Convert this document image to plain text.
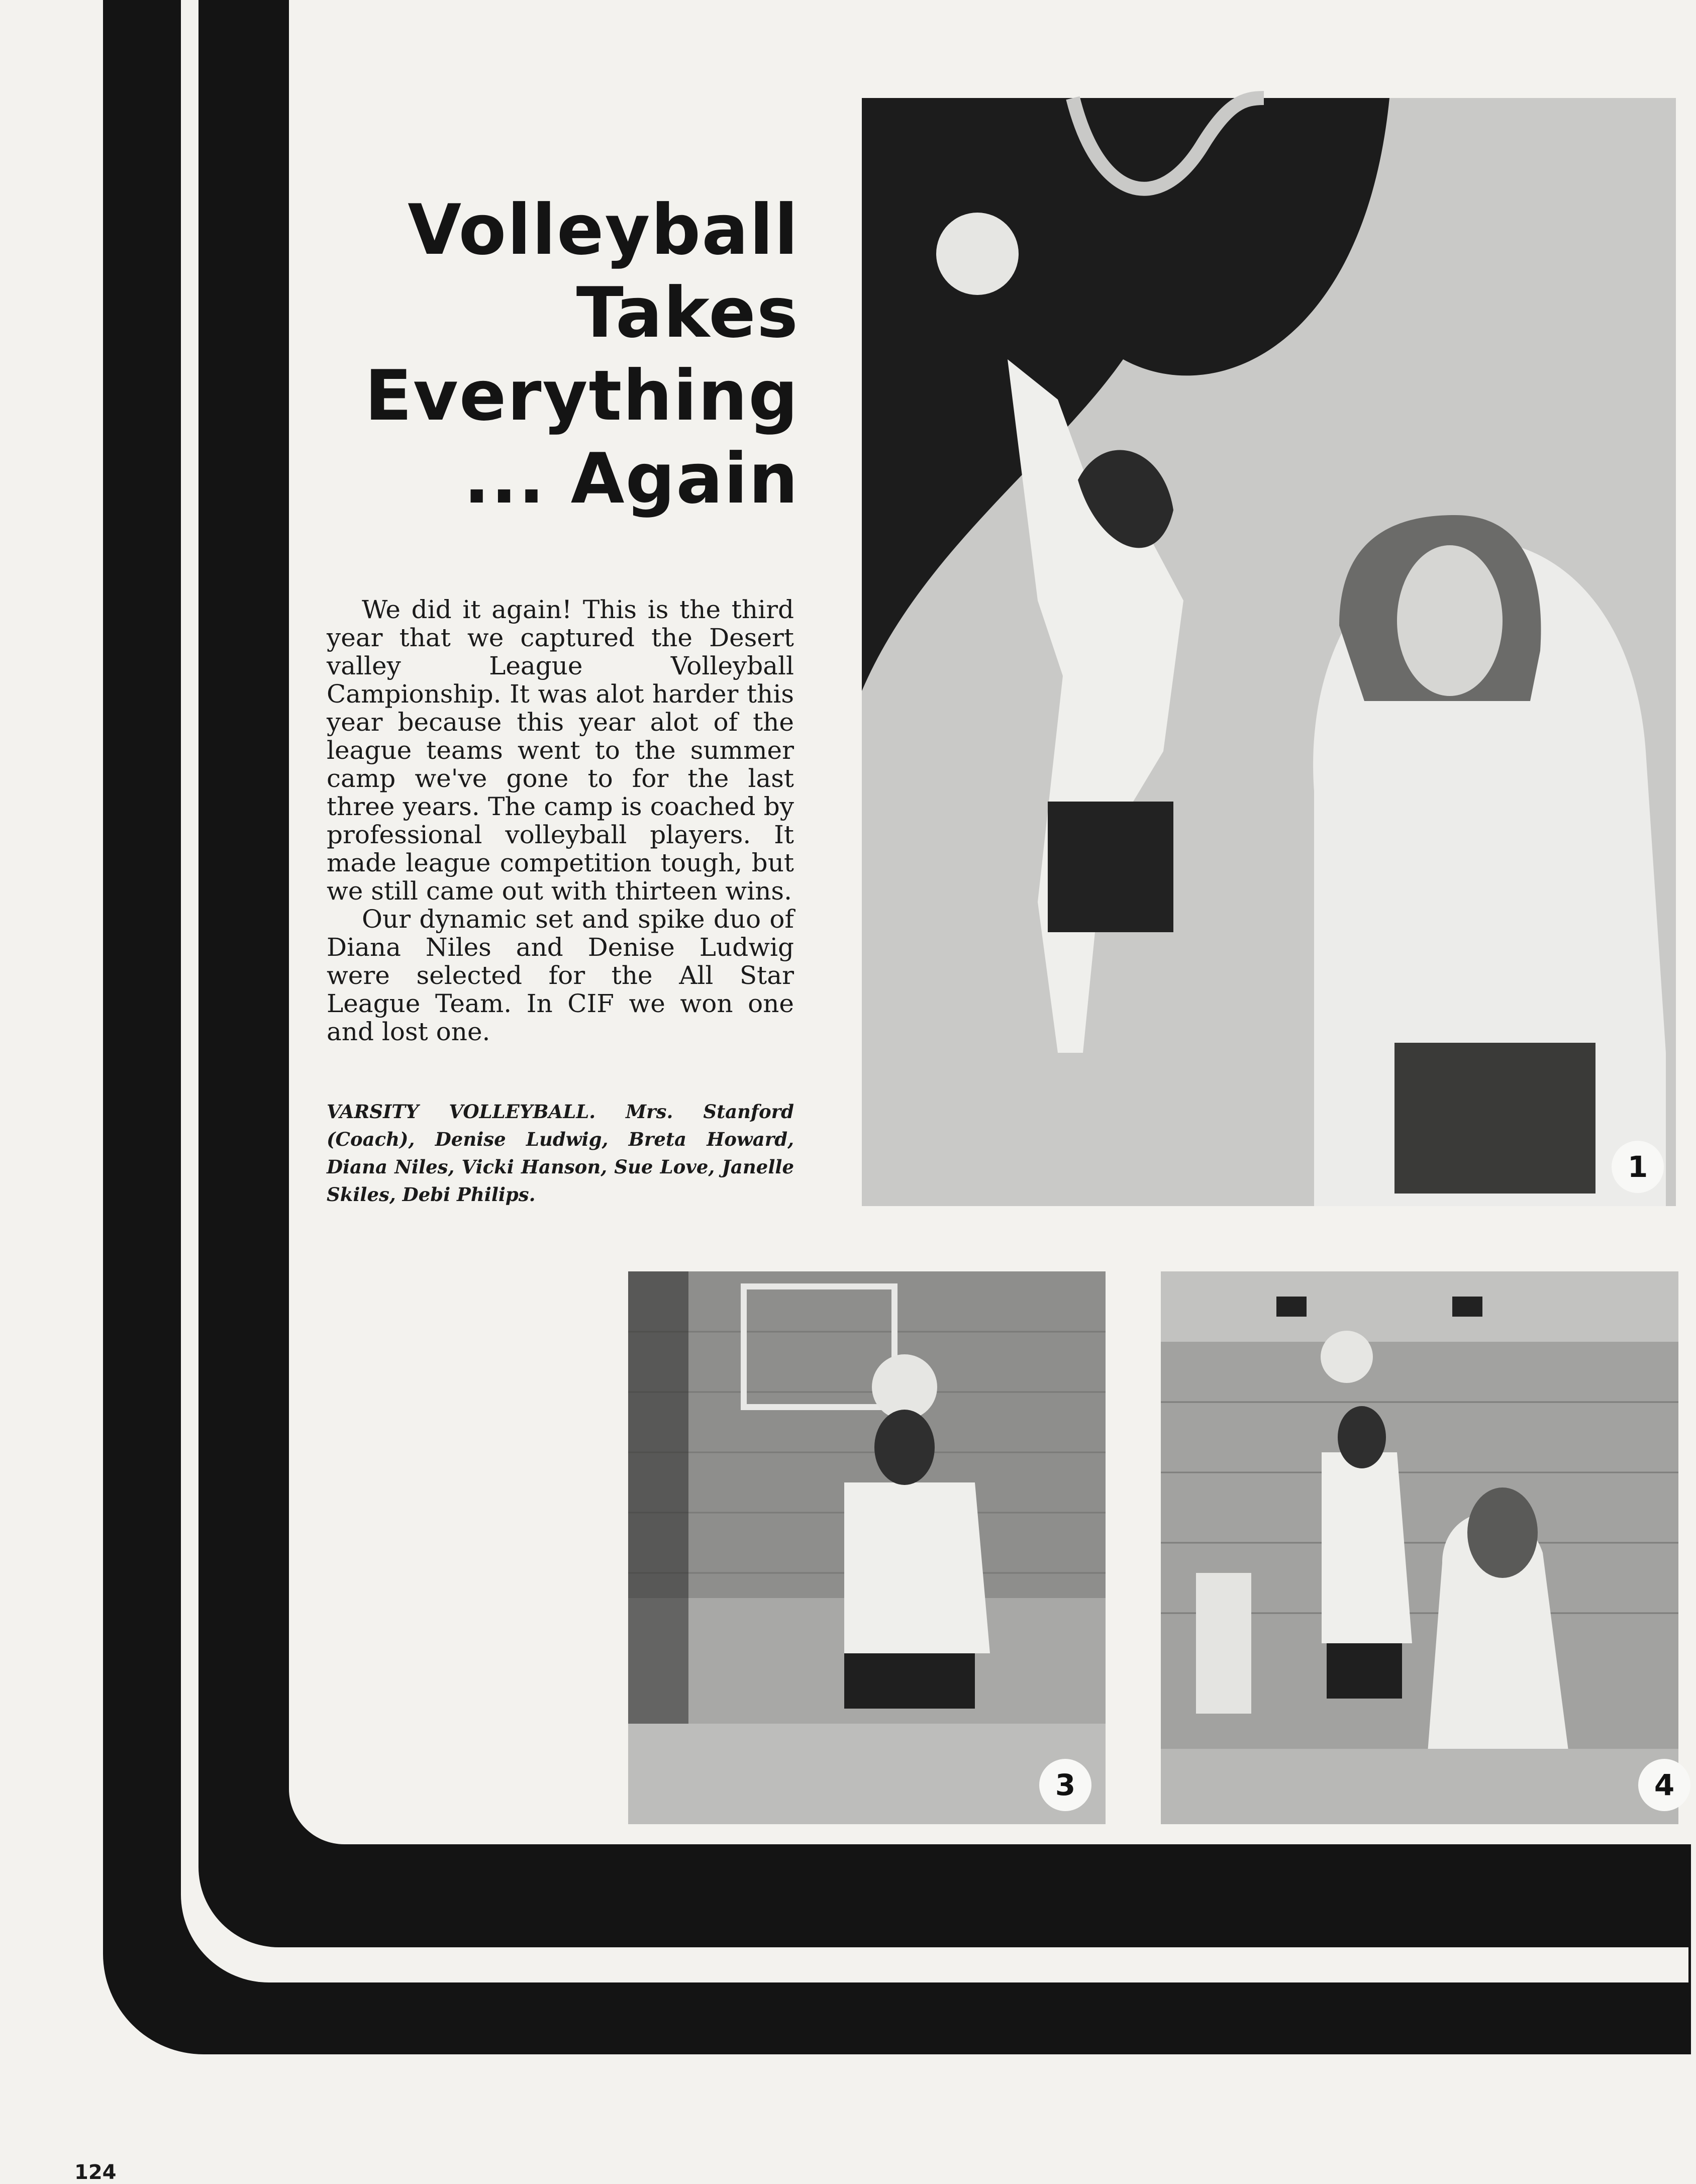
Volleyball
Takes
Everything
... Again

We did it again! This is the third year that we captured the Desert valley League Volleyball Campionship. It was alot harder this year because this year alot of the league teams went to the summer camp we've gone to for the last three years. The camp is coached by professional volleyball players. It made league competition tough, but we still came out with thirteen wins.

Our dynamic set and spike duo of Diana Niles and Denise Ludwig were selected for the All Star League Team. In CIF we won one and lost one.

VARSITY VOLLEYBALL. Mrs. Stanford (Coach), Denise Ludwig, Breta Howard, Diana Niles, Vicki Hanson, Sue Love, Janelle Skiles, Debi Philips.

1
3	4
124
